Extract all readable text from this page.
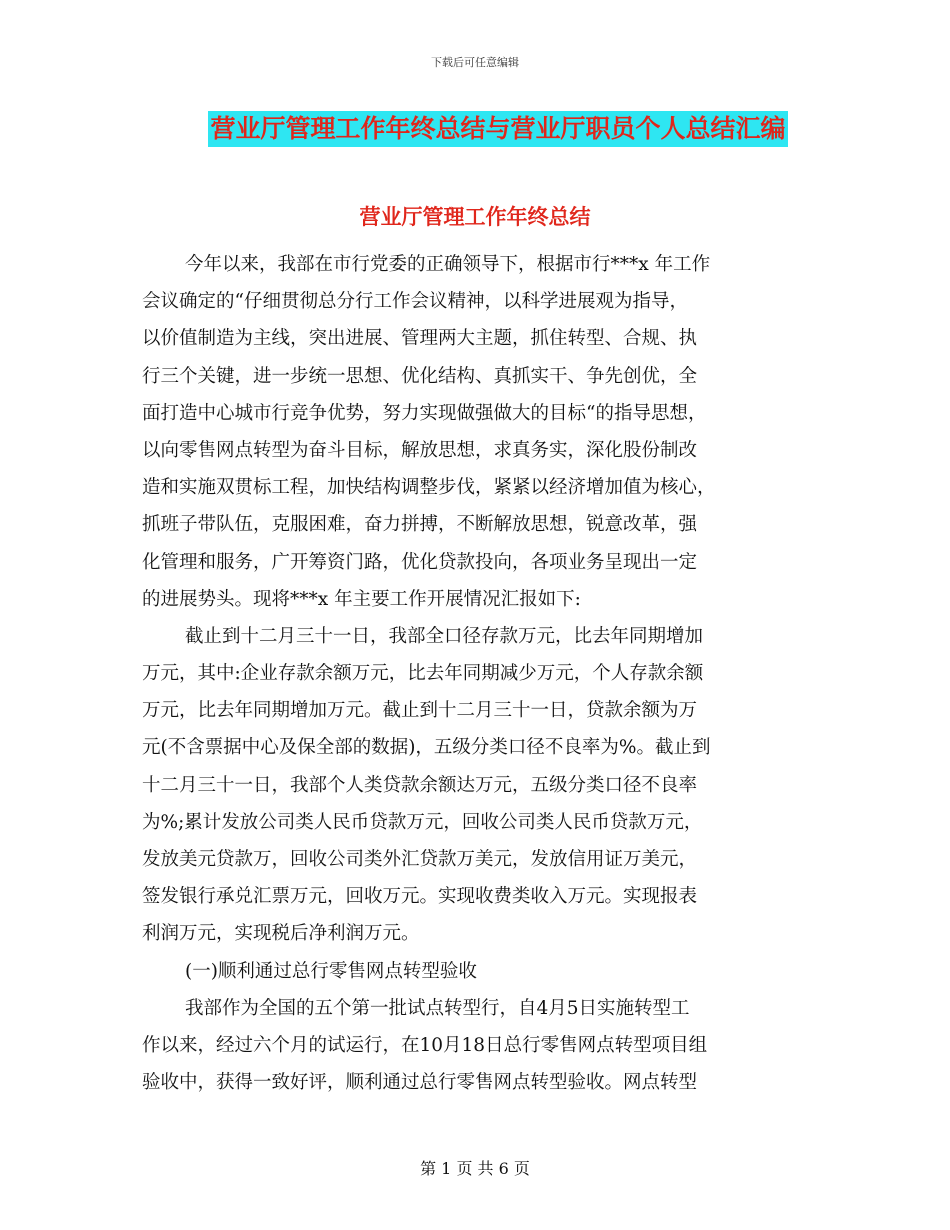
下载后可任意编辑
营业厅管理工作年终总结与营业厅职员个人总结汇编
营业厅管理工作年终总结
今年以来，我部在市行党委的正确领导下，根据市行***x 年工作
会议确定的“仔细贯彻总分行工作会议精神，以科学进展观为指导，
以价值制造为主线，突出进展、管理两大主题，抓住转型、合规、执
行三个关键，进一步统一思想、优化结构、真抓实干、争先创优，全
面打造中心城市行竞争优势，努力实现做强做大的目标“的指导思想，
以向零售网点转型为奋斗目标，解放思想，求真务实，深化股份制改
造和实施双贯标工程，加快结构调整步伐，紧紧以经济增加值为核心，
抓班子带队伍，克服困难，奋力拼搏，不断解放思想，锐意改革，强
化管理和服务，广开筹资门路，优化贷款投向，各项业务呈现出一定
的进展势头。现将***x 年主要工作开展情况汇报如下:
截止到十二月三十一日，我部全口径存款万元，比去年同期增加
万元，其中:企业存款余额万元，比去年同期减少万元，个人存款余额
万元，比去年同期增加万元。截止到十二月三十一日，贷款余额为万
元(不含票据中心及保全部的数据)，五级分类口径不良率为%。截止到
十二月三十一日，我部个人类贷款余额达万元，五级分类口径不良率
为%;累计发放公司类人民币贷款万元，回收公司类人民币贷款万元，
发放美元贷款万，回收公司类外汇贷款万美元，发放信用证万美元，
签发银行承兑汇票万元，回收万元。实现收费类收入万元。实现报表
利润万元，实现税后净利润万元。
(一)顺利通过总行零售网点转型验收
我部作为全国的五个第一批试点转型行，自4月5日实施转型工
作以来，经过六个月的试运行，在10月18日总行零售网点转型项目组
验收中，获得一致好评，顺利通过总行零售网点转型验收。网点转型
第 1 页 共 6 页
